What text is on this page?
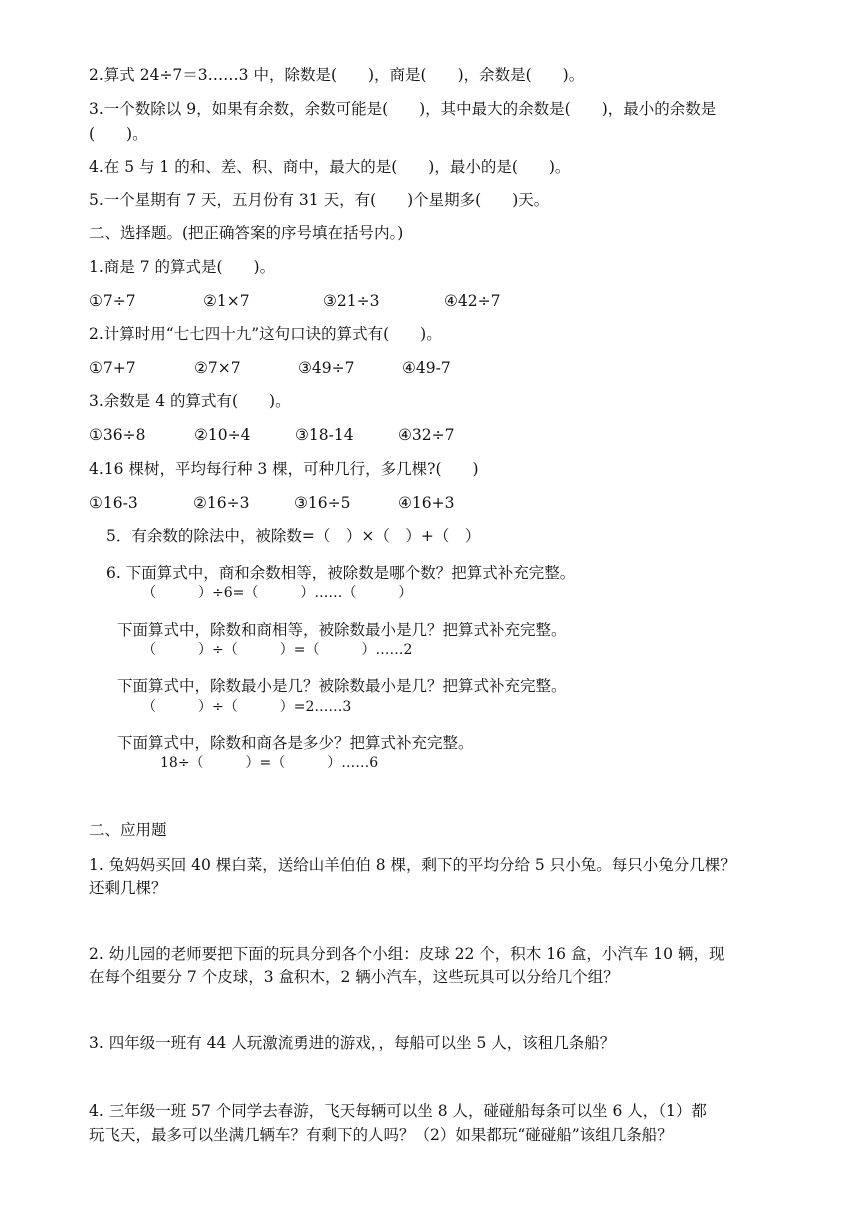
2.算式 24÷7＝3……3 中，除数是(　　)，商是(　　)，余数是(　　)。
3.一个数除以 9，如果有余数，余数可能是(　　)，其中最大的余数是(　　)，最小的余数是
(　　)。
4.在 5 与 1 的和、差、积、商中，最大的是(　　)，最小的是(　　)。
5.一个星期有 7 天，五月份有 31 天，有(　　)个星期多(　　)天。
二、选择题。(把正确答案的序号填在括号内。)
1.商是 7 的算式是(　　)。
①7÷7	②1×7	③21÷3	④42÷7
2.计算时用“七七四十九”这句口诀的算式有(　　)。
①7+7	②7×7	③49÷7	④49-7
3.余数是 4 的算式有(　　)。
①36÷8	②10÷4	③18-14	④32÷7
4.16 棵树，平均每行种 3 棵，可种几行，多几棵?(　　)
①16-3	②16÷3	③16÷5	④16+3
5．有余数的除法中，被除数=（　）×（　）+（　）
6. 下面算式中，商和余数相等，被除数是哪个数？把算式补充完整。
（　　　）÷6=（　　　）……（　　　）
下面算式中，除数和商相等，被除数最小是几？把算式补充完整。
（　　　）÷（　　　）=（　　　）……2
下面算式中，除数最小是几？被除数最小是几？把算式补充完整。
（　　　）÷（　　　）=2……3
下面算式中，除数和商各是多少？把算式补充完整。
18÷（　　　）=（　　　）……6
二、应用题
1. 兔妈妈买回 40 棵白菜，送给山羊伯伯 8 棵，剩下的平均分给 5 只小兔。每只小兔分几棵？
还剩几棵？
2. 幼儿园的老师要把下面的玩具分到各个小组：皮球 22 个，积木 16 盒，小汽车 10 辆，现
在每个组要分 7 个皮球，3 盒积木，2 辆小汽车，这些玩具可以分给几个组？
3. 四年级一班有 44 人玩激流勇进的游戏，，每船可以坐 5 人，该租几条船？
4. 三年级一班 57 个同学去春游，飞天每辆可以坐 8 人，碰碰船每条可以坐 6 人，（1）都
玩飞天，最多可以坐满几辆车？有剩下的人吗？（2）如果都玩“碰碰船”该组几条船？
